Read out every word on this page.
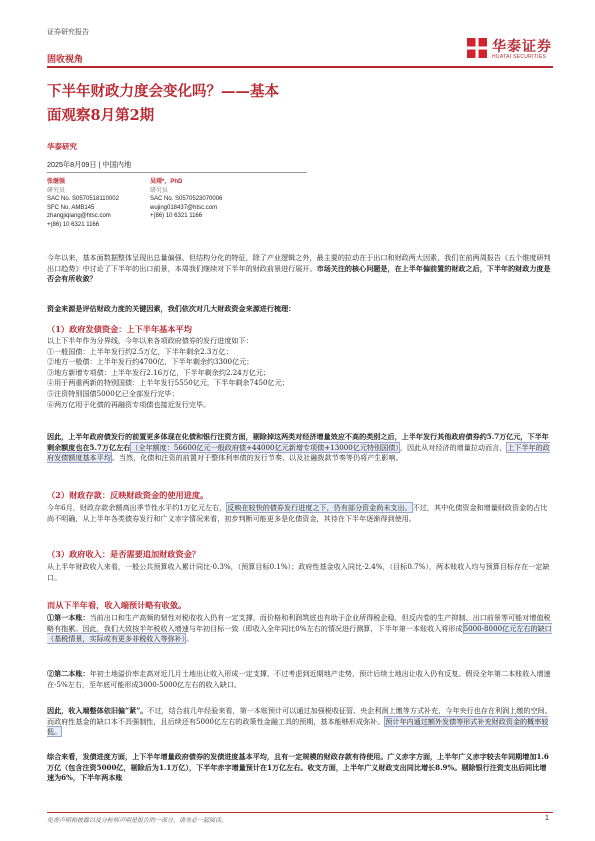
证券研究报告
固收视角
华泰证券
HUATAI SECURITIES
下半年财政力度会变化吗？——基本
面观察8月第2期
华泰研究
2025年8月09日 | 中国内地
张继强
研究员
SAC No. S0570518110002
SFC No. AMB145
zhangjiqiang@htsc.com
+(86) 10 6321 1166
吴靖*，PhD
研究员
SAC No. S0570523070006
wujing018437@htsc.com
+(86) 10 6321 1166
今年以来，基本面数据整体呈现出总量偏强、但结构分化的特征，除了产业逻辑之外，最主要的拉动在于出口和财政两大因素，我们在前两周报告《五个维度研判出口趋势》中讨论了下半年的出口前景，本周我们继续对下半年的财政前景进行展开。市场关注的核心问题是，在上半年偏前置的财政之后，下半年的财政力度是否会有所收敛？
资金来源是评估财政力度的关键因素，我们依次对几大财政资金来源进行梳理：
（1）政府发债资金：上下半年基本平均
以上下半年作为分界线，今年以来各项政府债券的发行进度如下：
①一般国债：上半年发行约2.5万亿，下半年剩余2.3万亿；
②地方一般债：上半年发行约4700亿，下半年剩余约3300亿元；
③地方新增专项债：上半年发行2.16万亿，下半年剩余约2.24万亿元；
④用于两重两新的特别国债：上半年发行5550亿元，下半年剩余7450亿元；
⑤注资特别国债5000亿已全部发行完毕；
⑥两万亿用于化债的再融资专项债也接近发行完毕。
因此，上半年政府债发行的前置更多体现在化债和银行注资方面，剔除掉这两类对经济增量效应不高的类别之后，上半年发行其他政府债券约5.7万亿元，下半年剩余额度也在5.7万亿左右（全年额度：56600亿元一般政府债+44000亿元新增专项债+13000亿元特别国债），因此从对经济的增量拉动而言，上下半年的政府发债额度基本平均。当然，化债和注资的前置对于整体利率债的发行节奏、以及社融拨款节奏等仍将产生影响。
（2）财政存款：反映财政资金的使用进度。
今年6月，财政存款余额高出季节性水平约1万亿元左右，反映在较快的债券发行进度之下，仍有部分资金尚未支出。不过，其中化债资金和增量财政资金的占比尚不明确，从上半年各类债券发行和广义赤字情况来看，初步判断可能更多是化债资金，其待在下半年逐渐得到使用。
（3）政府收入：是否需要追加财政资金？
从上半年财政收入来看，一般公共预算收入累计同比-0.3%，（预算目标0.1%）；政府性基金收入同比-2.4%，（目标0.7%），两本账收入均与预算目标存在一定缺口。
而从下半年看，收入端预计略有收敛。
①第一本账：当前出口和生产高频的韧性对税收收入仍有一定支撑，而价格和利润筑底也有助于企业所得税企稳，但反内卷的生产抑制、出口前景等可能对增值税略有拖累。因此，我们大致按半年税收入增速与年初目标一致（即收入全年同比0%左右的情况进行测算，下半年第一本账收入将形成5000-8000亿元左右的缺口（基税情景，实际或有更多非税收入等弥补）。
②第二本账：年初土地溢价率走高对近几月土地出让收入形成一定支撑，不过考虑到近期地产走势，预计后续土地出让收入仍有反复。假设全年第二本账收入增速在-5%左右，至年底可能形成3000-5000亿左右的收入缺口。
因此，收入端整体依旧偏“紧”。不过，结合前几年经验来看，第一本账预计可以通过加强税收征管、央企利润上缴等方式补充，今年央行也存在利润上缴的空间。而政府性基金的缺口本不具强制性，且后续还有5000亿左右的政策性金融工具的预期，基本能够形成弥补。预计年内通过额外发债等形式补充财政资金的概率较低。
综合来看，发债进度方面，上下半年增量政府债券的发债进度基本平均，且有一定规模的财政存款有待使用。广义赤字方面，上半年广义赤字较去年同期增加1.6万亿（包含注资5000亿，剔除后为1.1万亿），下半年赤字增量预计在1万亿左右。收支方面，上半年广义财政支出同比增长8.9%。剔除银行注资支出后同比增速为6%，下半年两本账
免责声明和披露以及分析师声明是报告的一部分，请务必一起阅读。	1
